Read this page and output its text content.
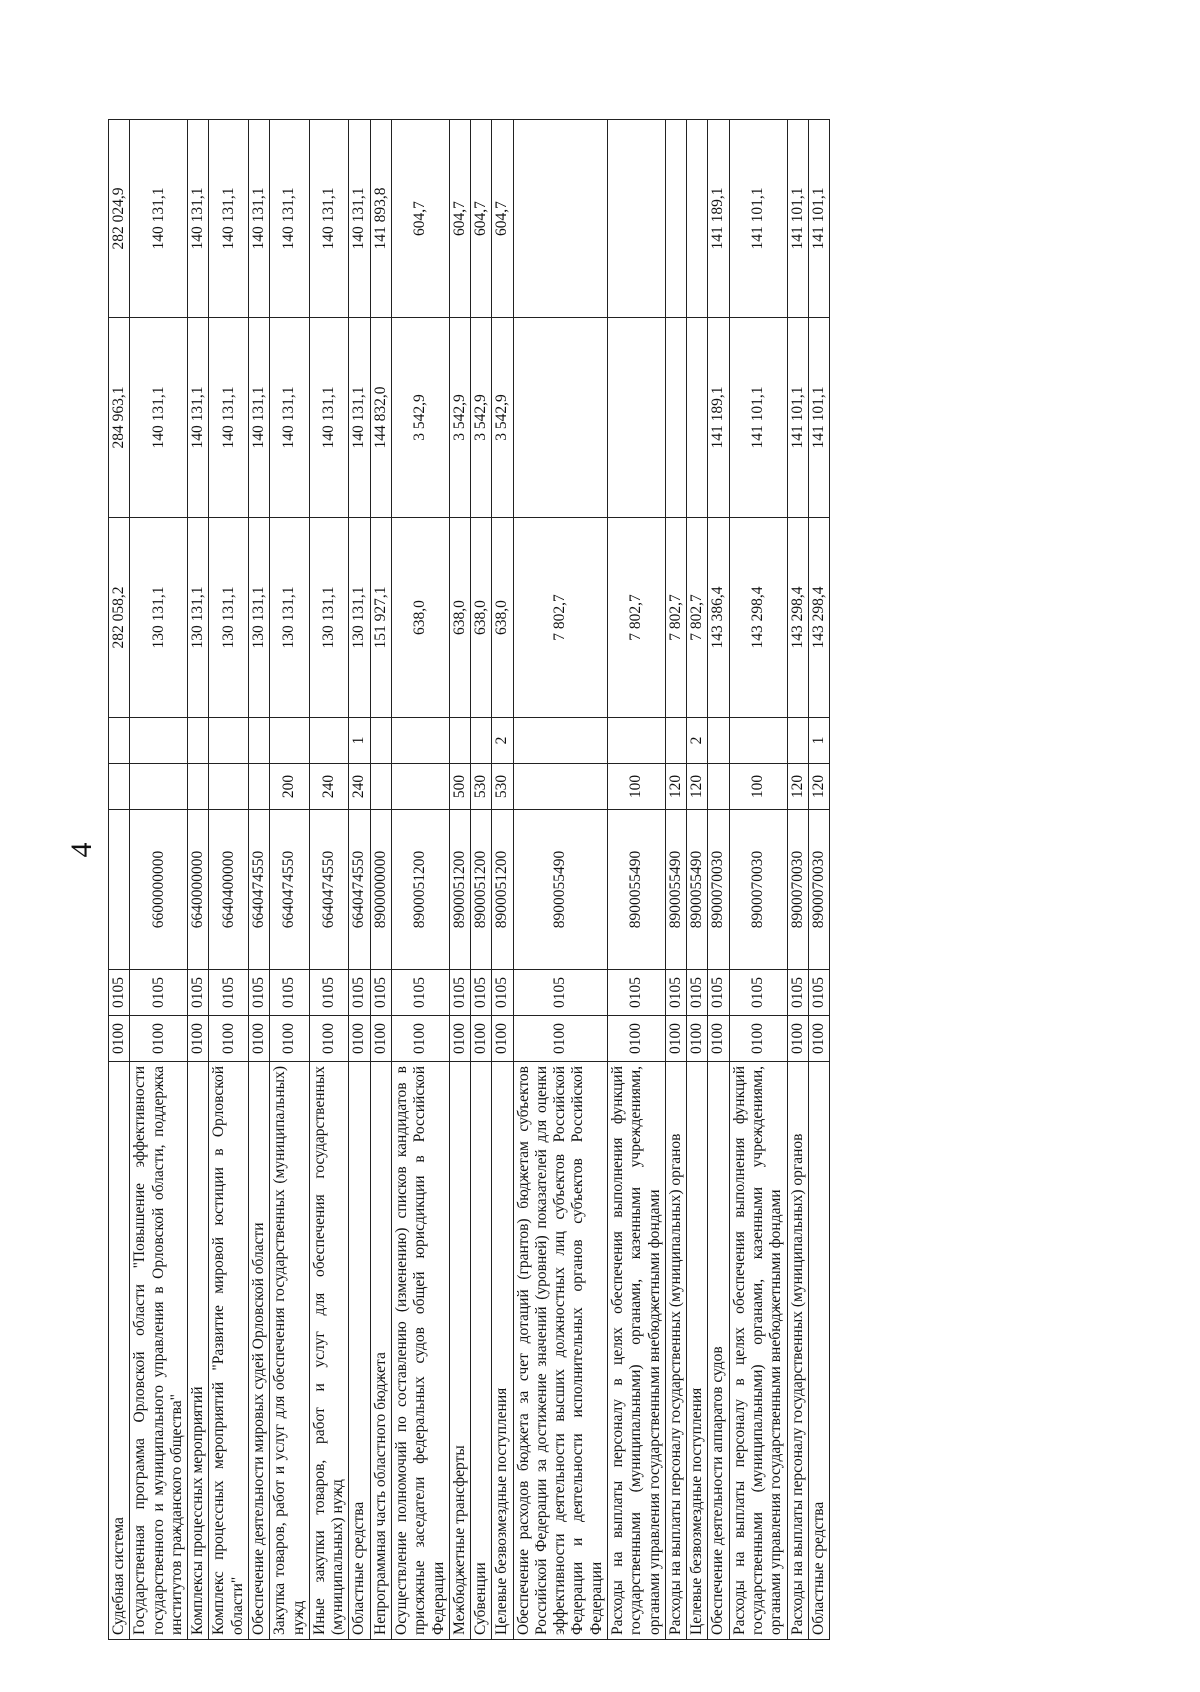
4
Судебная система	0100	0105				282 058,2	284 963,1	282 024,9
Государственная программа Орловской области "Повышение эффективности государственного и муниципального управления в Орловской области, поддержка институтов гражданского общества"	0100	0105	6600000000			130 131,1	140 131,1	140 131,1
Комплексы процессных мероприятий	0100	0105	6640000000			130 131,1	140 131,1	140 131,1
Комплекс процессных мероприятий "Развитие мировой юстиции в Орловской области"	0100	0105	6640400000			130 131,1	140 131,1	140 131,1
Обеспечение деятельности мировых судей Орловской области	0100	0105	6640474550			130 131,1	140 131,1	140 131,1
Закупка товаров, работ и услуг для обеспечения государственных (муниципальных) нужд	0100	0105	6640474550	200		130 131,1	140 131,1	140 131,1
Иные закупки товаров, работ и услуг для обеспечения государственных (муниципальных) нужд	0100	0105	6640474550	240		130 131,1	140 131,1	140 131,1
Областные средства	0100	0105	6640474550	240	1	130 131,1	140 131,1	140 131,1
Непрограммная часть областного бюджета	0100	0105	8900000000			151 927,1	144 832,0	141 893,8
Осуществление полномочий по составлению (изменению) списков кандидатов в присяжные заседатели федеральных судов общей юрисдикции в Российской Федерации	0100	0105	8900051200			638,0	3 542,9	604,7
Межбюджетные трансферты	0100	0105	8900051200	500		638,0	3 542,9	604,7
Субвенции	0100	0105	8900051200	530		638,0	3 542,9	604,7
Целевые безвозмездные поступления	0100	0105	8900051200	530	2	638,0	3 542,9	604,7
Обеспечение расходов бюджета за счет дотаций (грантов) бюджетам субъектов Российской Федерации за достижение значений (уровней) показателей для оценки эффективности деятельности высших должностных лиц субъектов Российской Федерации и деятельности исполнительных органов субъектов Российской Федерации	0100	0105	8900055490			7 802,7		
Расходы на выплаты персоналу в целях обеспечения выполнения функций государственными (муниципальными) органами, казенными учреждениями, органами управления государственными внебюджетными фондами	0100	0105	8900055490	100		7 802,7		
Расходы на выплаты персоналу государственных (муниципальных) органов	0100	0105	8900055490	120		7 802,7		
Целевые безвозмездные поступления	0100	0105	8900055490	120	2	7 802,7		
Обеспечение деятельности аппаратов судов	0100	0105	8900070030			143 386,4	141 189,1	141 189,1
Расходы на выплаты персоналу в целях обеспечения выполнения функций государственными (муниципальными) органами, казенными учреждениями, органами управления государственными внебюджетными фондами	0100	0105	8900070030	100		143 298,4	141 101,1	141 101,1
Расходы на выплаты персоналу государственных (муниципальных) органов	0100	0105	8900070030	120		143 298,4	141 101,1	141 101,1
Областные средства	0100	0105	8900070030	120	1	143 298,4	141 101,1	141 101,1
